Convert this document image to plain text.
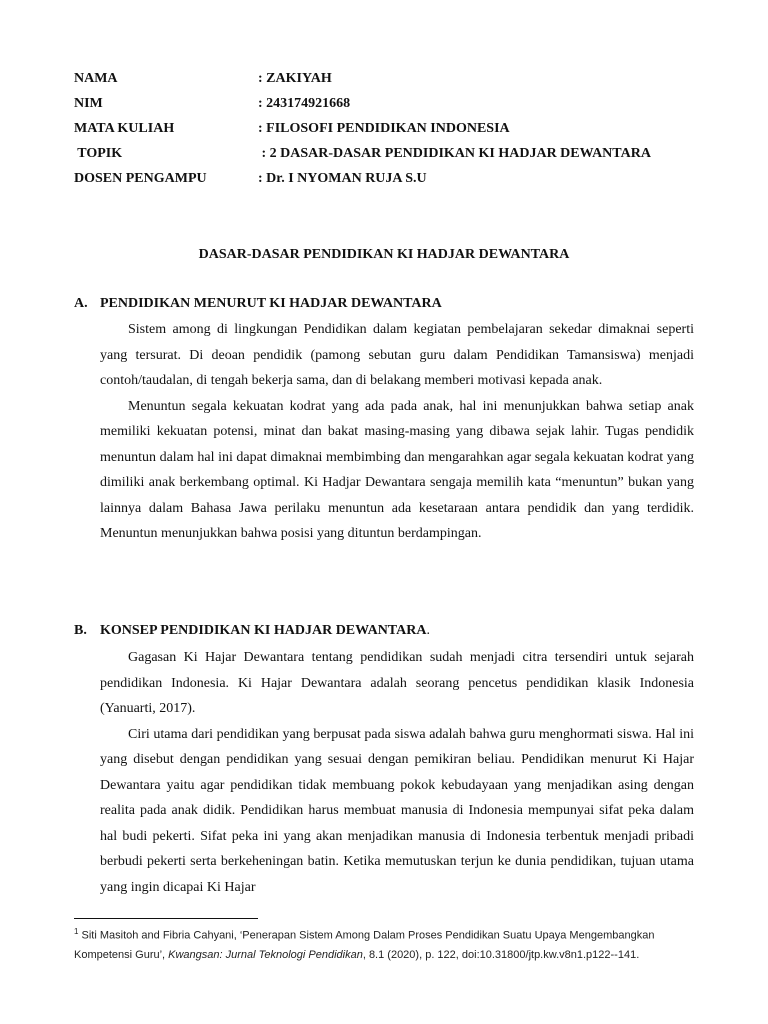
NAMA	: ZAKIYAH
NIM	: 243174921668
MATA KULIAH	: FILOSOFI PENDIDIKAN INDONESIA
TOPIK	: 2 DASAR-DASAR PENDIDIKAN KI HADJAR DEWANTARA
DOSEN PENGAMPU	: Dr. I NYOMAN RUJA S.U
DASAR-DASAR PENDIDIKAN KI HADJAR DEWANTARA
A. PENDIDIKAN MENURUT KI HADJAR DEWANTARA

Sistem among di lingkungan Pendidikan dalam kegiatan pembelajaran sekedar dimaknai seperti yang tersurat. Di deoan pendidik (pamong sebutan guru dalam Pendidikan Tamansiswa) menjadi contoh/taudalan, di tengah bekerja sama, dan di belakang memberi motivasi kepada anak.

Menuntun segala kekuatan kodrat yang ada pada anak, hal ini menunjukkan bahwa setiap anak memiliki kekuatan potensi, minat dan bakat masing-masing yang dibawa sejak lahir. Tugas pendidik menuntun dalam hal ini dapat dimaknai membimbing dan mengarahkan agar segala kekuatan kodrat yang dimiliki anak berkembang optimal. Ki Hadjar Dewantara sengaja memilih kata “menuntun” bukan yang lainnya dalam Bahasa Jawa perilaku menuntun ada kesetaraan antara pendidik dan yang terdidik. Menuntun menunjukkan bahwa posisi yang dituntun berdampingan.

B. KONSEP PENDIDIKAN KI HADJAR DEWANTARA.

Gagasan Ki Hajar Dewantara tentang pendidikan sudah menjadi citra tersendiri untuk sejarah pendidikan Indonesia. Ki Hajar Dewantara adalah seorang pencetus pendidikan klasik Indonesia (Yanuarti, 2017).

Ciri utama dari pendidikan yang berpusat pada siswa adalah bahwa guru menghormati siswa. Hal ini yang disebut dengan pendidikan yang sesuai dengan pemikiran beliau. Pendidikan menurut Ki Hajar Dewantara yaitu agar pendidikan tidak membuang pokok kebudayaan yang menjadikan asing dengan realita pada anak didik. Pendidikan harus membuat manusia di Indonesia mempunyai sifat peka dalam hal budi pekerti. Sifat peka ini yang akan menjadikan manusia di Indonesia terbentuk menjadi pribadi berbudi pekerti serta berkeheningan batin. Ketika memutuskan terjun ke dunia pendidikan, tujuan utama yang ingin dicapai Ki Hajar

$^1$ Siti Masitoh and Fibria Cahyani, ‘Penerapan Sistem Among Dalam Proses Pendidikan Suatu Upaya Mengembangkan Kompetensi Guru’, Kwangsan: Jurnal Teknologi Pendidikan, 8.1 (2020), p. 122, doi:10.31800/jtp.kw.v8n1.p122--141.
